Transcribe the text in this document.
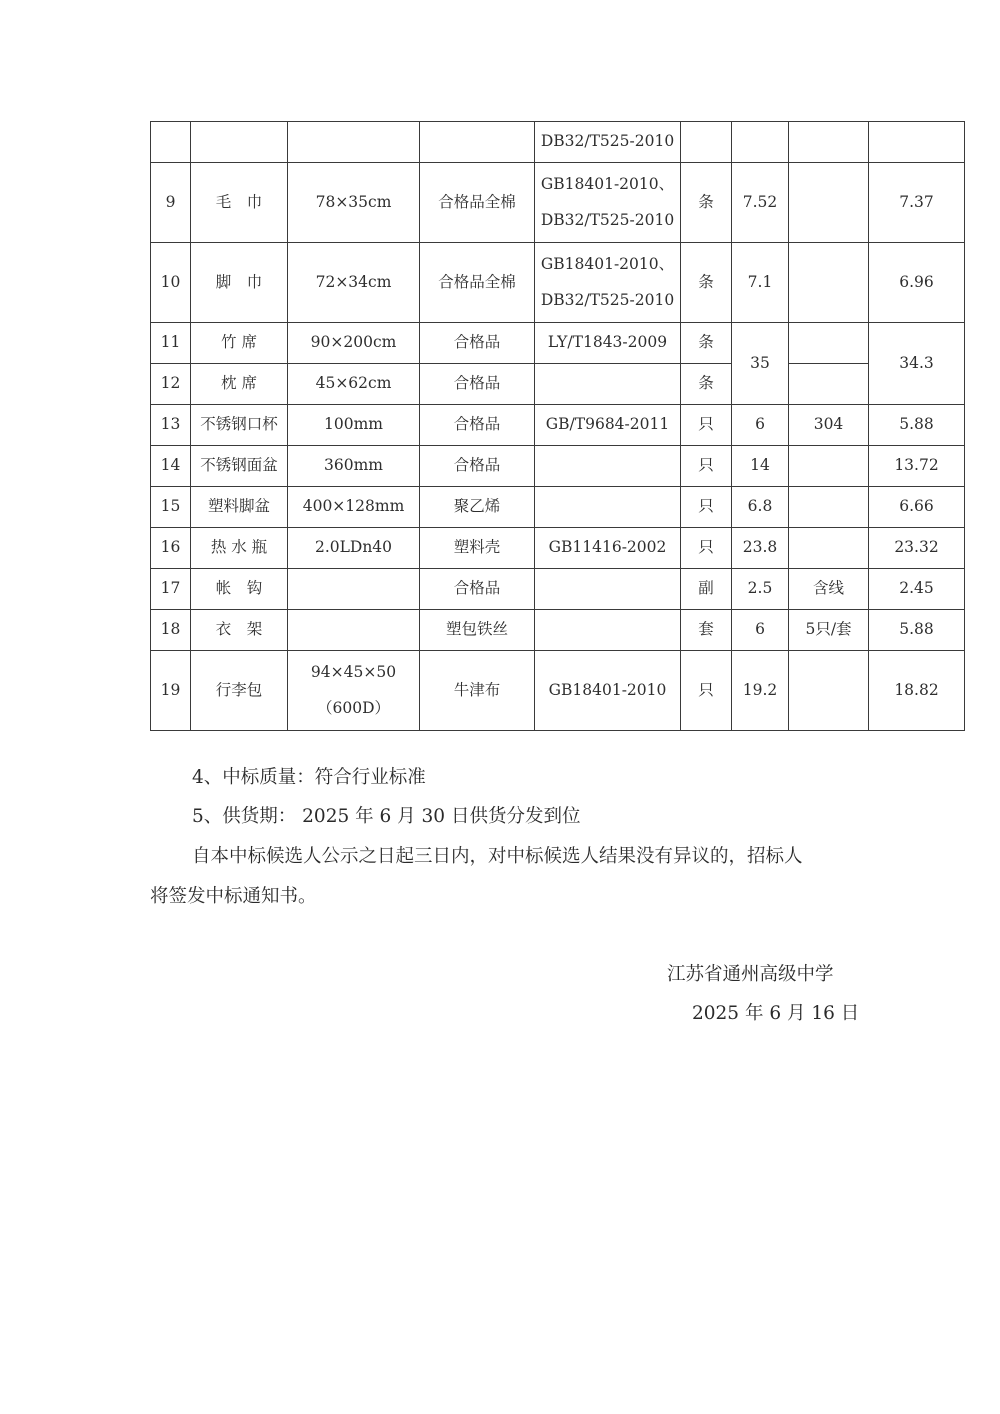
				DB32/T525-2010				
9	毛　巾	78×35cm	合格品全棉	GB18401-2010、
DB32/T525-2010	条	7.52		7.37
10	脚　巾	72×34cm	合格品全棉	GB18401-2010、
DB32/T525-2010	条	7.1		6.96
11	竹 席	90×200cm	合格品	LY/T1843-2009	条	35		34.3
12	枕 席	45×62cm	合格品		条			
13	不锈钢口杯	100mm	合格品	GB/T9684-2011	只	6	304	5.88
14	不锈钢面盆	360mm	合格品		只	14		13.72
15	塑料脚盆	400×128mm	聚乙烯		只	6.8		6.66
16	热 水 瓶	2.0LDn40	塑料壳	GB11416-2002	只	23.8		23.32
17	帐　钩		合格品		副	2.5	含线	2.45
18	衣　架		塑包铁丝		套	6	5只/套	5.88
19	行李包	94×45×50
（600D）	牛津布	GB18401-2010	只	19.2		18.82
4、中标质量：符合行业标准
5、供货期： 2025 年 6 月 30 日供货分发到位
自本中标候选人公示之日起三日内，对中标候选人结果没有异议的，招标人
将签发中标通知书。
江苏省通州高级中学
2025 年 6 月 16 日
